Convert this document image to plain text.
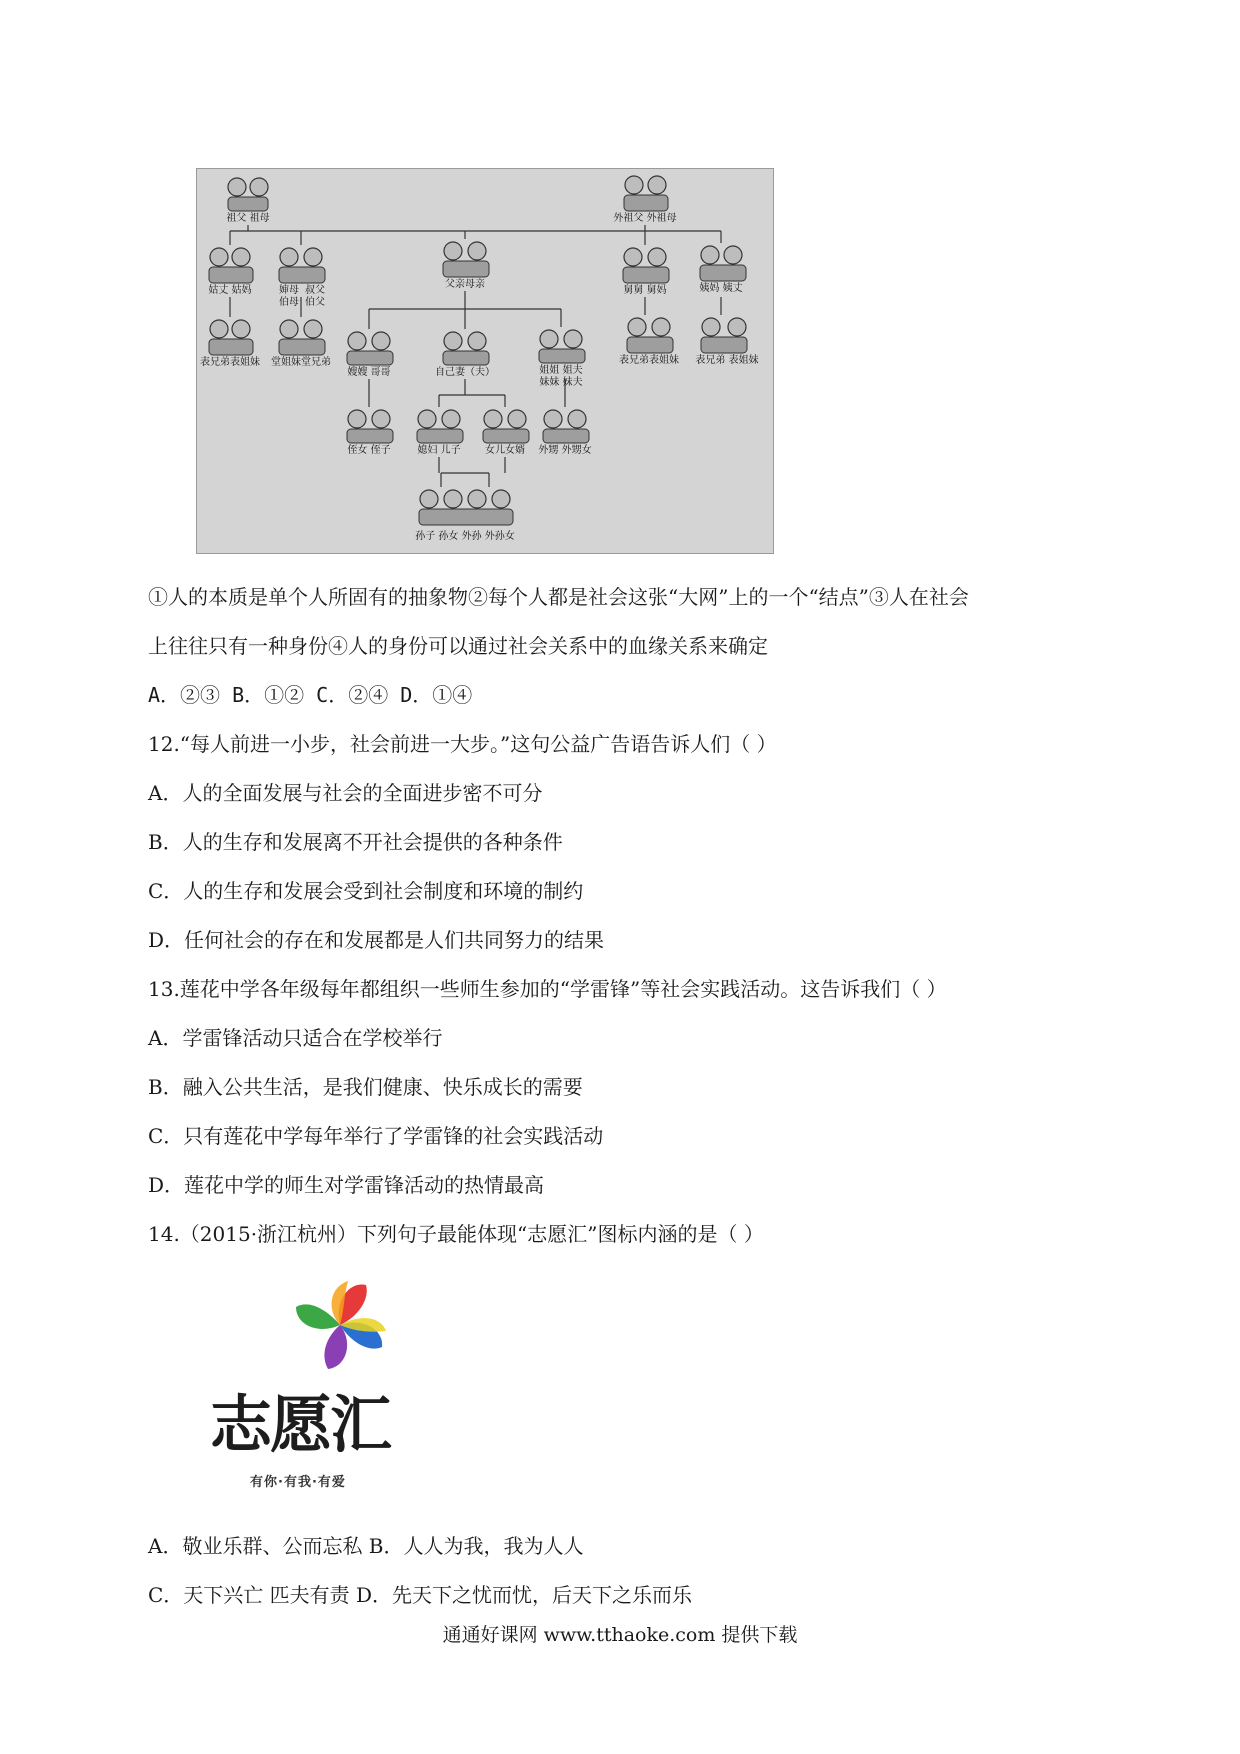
祖父 祖母	外祖父 外祖母
姑丈 姑妈	婶母
伯母
叔父
伯父
父亲母亲
舅舅 舅妈	姨妈 姨丈
表兄弟表姐妹 堂姐妹堂兄弟
嫂嫂 哥哥	自己妻（夫）	姐姐 姐夫
妹妹 妹夫
表兄弟表姐妹 表兄弟 表姐妹
侄女 侄子	媳妇 儿子 女儿女婿 外甥 外甥女
孙子 孙女 外孙 外孙女
①人的本质是单个人所固有的抽象物②每个人都是社会这张“大网”上的一个“结点”③人在社会
上往往只有一种身份④人的身份可以通过社会关系中的血缘关系来确定
A．②③ B．①② C．②④ D．①④
12.“每人前进一小步，社会前进一大步。”这句公益广告语告诉人们（ ）
A．人的全面发展与社会的全面进步密不可分
B．人的生存和发展离不开社会提供的各种条件
C．人的生存和发展会受到社会制度和环境的制约
D．任何社会的存在和发展都是人们共同努力的结果
13.莲花中学各年级每年都组织一些师生参加的“学雷锋”等社会实践活动。这告诉我们（ ）
A．学雷锋活动只适合在学校举行
B．融入公共生活，是我们健康、快乐成长的需要
C．只有莲花中学每年举行了学雷锋的社会实践活动
D．莲花中学的师生对学雷锋活动的热情最高
14.（2015·浙江杭州）下列句子最能体现“志愿汇”图标内涵的是（ ）
志愿汇
有你·有我·有爱
A．敬业乐群、公而忘私 B．人人为我，我为人人
C．天下兴亡 匹夫有责 D．先天下之忧而忧，后天下之乐而乐
通通好课网 www.tthaoke.com 提供下载
